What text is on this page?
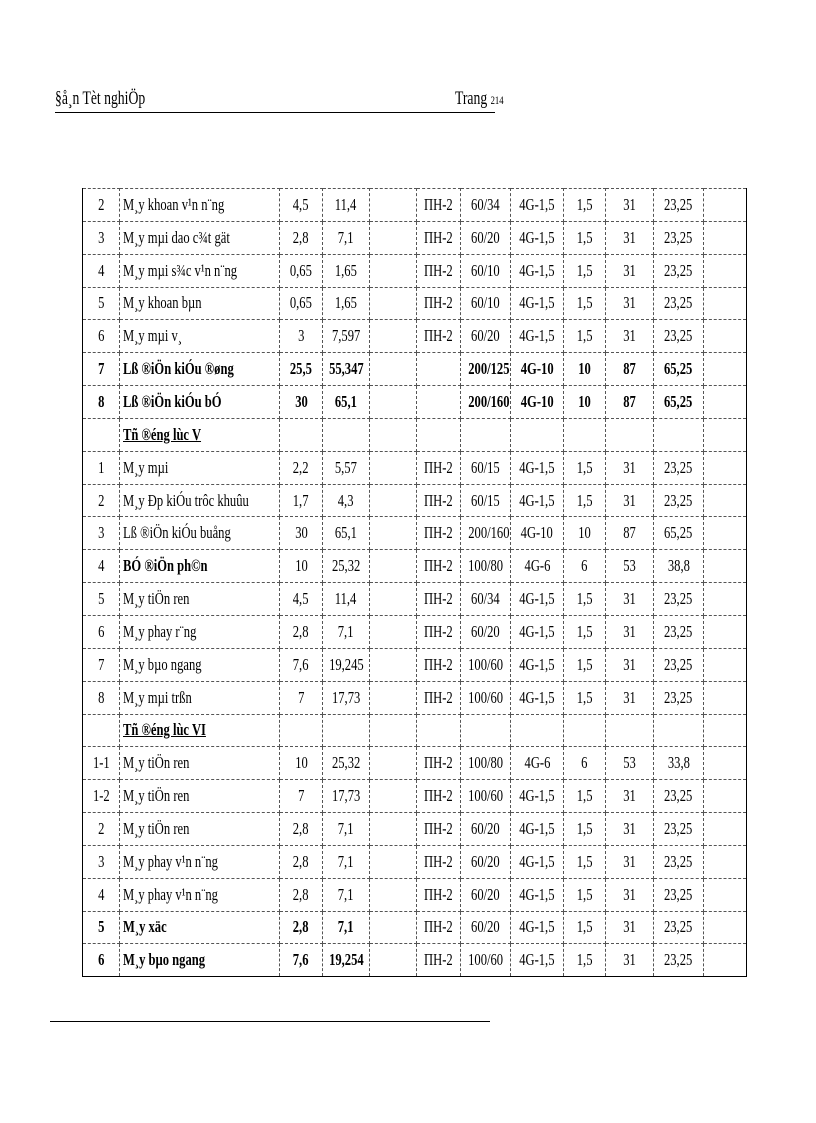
§å¸n Tèt nghiÖp	Trang 214
2	M¸y khoan v¹n n¨ng	4,5	11,4		ПH-2	60/34	4G-1,5	1,5	31	23,25	
3	M¸y mµi dao c¾t gät	2,8	7,1		ПH-2	60/20	4G-1,5	1,5	31	23,25	
4	M¸y mµi s¾c v¹n n¨ng	0,65	1,65		ПH-2	60/10	4G-1,5	1,5	31	23,25	
5	M¸y khoan bµn	0,65	1,65		ПH-2	60/10	4G-1,5	1,5	31	23,25	
6	M¸y mµi v¸	3	7,597		ПH-2	60/20	4G-1,5	1,5	31	23,25	
7	Lß ®iÖn kiÓu ®øng	25,5	55,347			200/125	4G-10	10	87	65,25	
8	Lß ®iÖn kiÓu bÓ	30	65,1			200/160	4G-10	10	87	65,25	
	Tñ ®éng lùc V										
1	M¸y mµi	2,2	5,57		ПH-2	60/15	4G-1,5	1,5	31	23,25	
2	M¸y Ðp kiÓu trôc khuûu	1,7	4,3		ПH-2	60/15	4G-1,5	1,5	31	23,25	
3	Lß ®iÖn kiÓu buång	30	65,1		ПH-2	200/160	4G-10	10	87	65,25	
4	BÓ ®iÖn ph©n	10	25,32		ПH-2	100/80	4G-6	6	53	38,8	
5	M¸y tiÖn ren	4,5	11,4		ПH-2	60/34	4G-1,5	1,5	31	23,25	
6	M¸y phay r¨ng	2,8	7,1		ПH-2	60/20	4G-1,5	1,5	31	23,25	
7	M¸y bµo ngang	7,6	19,245		ПH-2	100/60	4G-1,5	1,5	31	23,25	
8	M¸y mµi trßn	7	17,73		ПH-2	100/60	4G-1,5	1,5	31	23,25	
	Tñ ®éng lùc VI										
1-1	M¸y tiÖn ren	10	25,32		ПH-2	100/80	4G-6	6	53	33,8	
1-2	M¸y tiÖn ren	7	17,73		ПH-2	100/60	4G-1,5	1,5	31	23,25	
2	M¸y tiÖn ren	2,8	7,1		ПH-2	60/20	4G-1,5	1,5	31	23,25	
3	M¸y phay v¹n n¨ng	2,8	7,1		ПH-2	60/20	4G-1,5	1,5	31	23,25	
4	M¸y phay v¹n n¨ng	2,8	7,1		ПH-2	60/20	4G-1,5	1,5	31	23,25	
5	M¸y xäc	2,8	7,1		ПH-2	60/20	4G-1,5	1,5	31	23,25	
6	M¸y bµo ngang	7,6	19,254		ПH-2	100/60	4G-1,5	1,5	31	23,25	
